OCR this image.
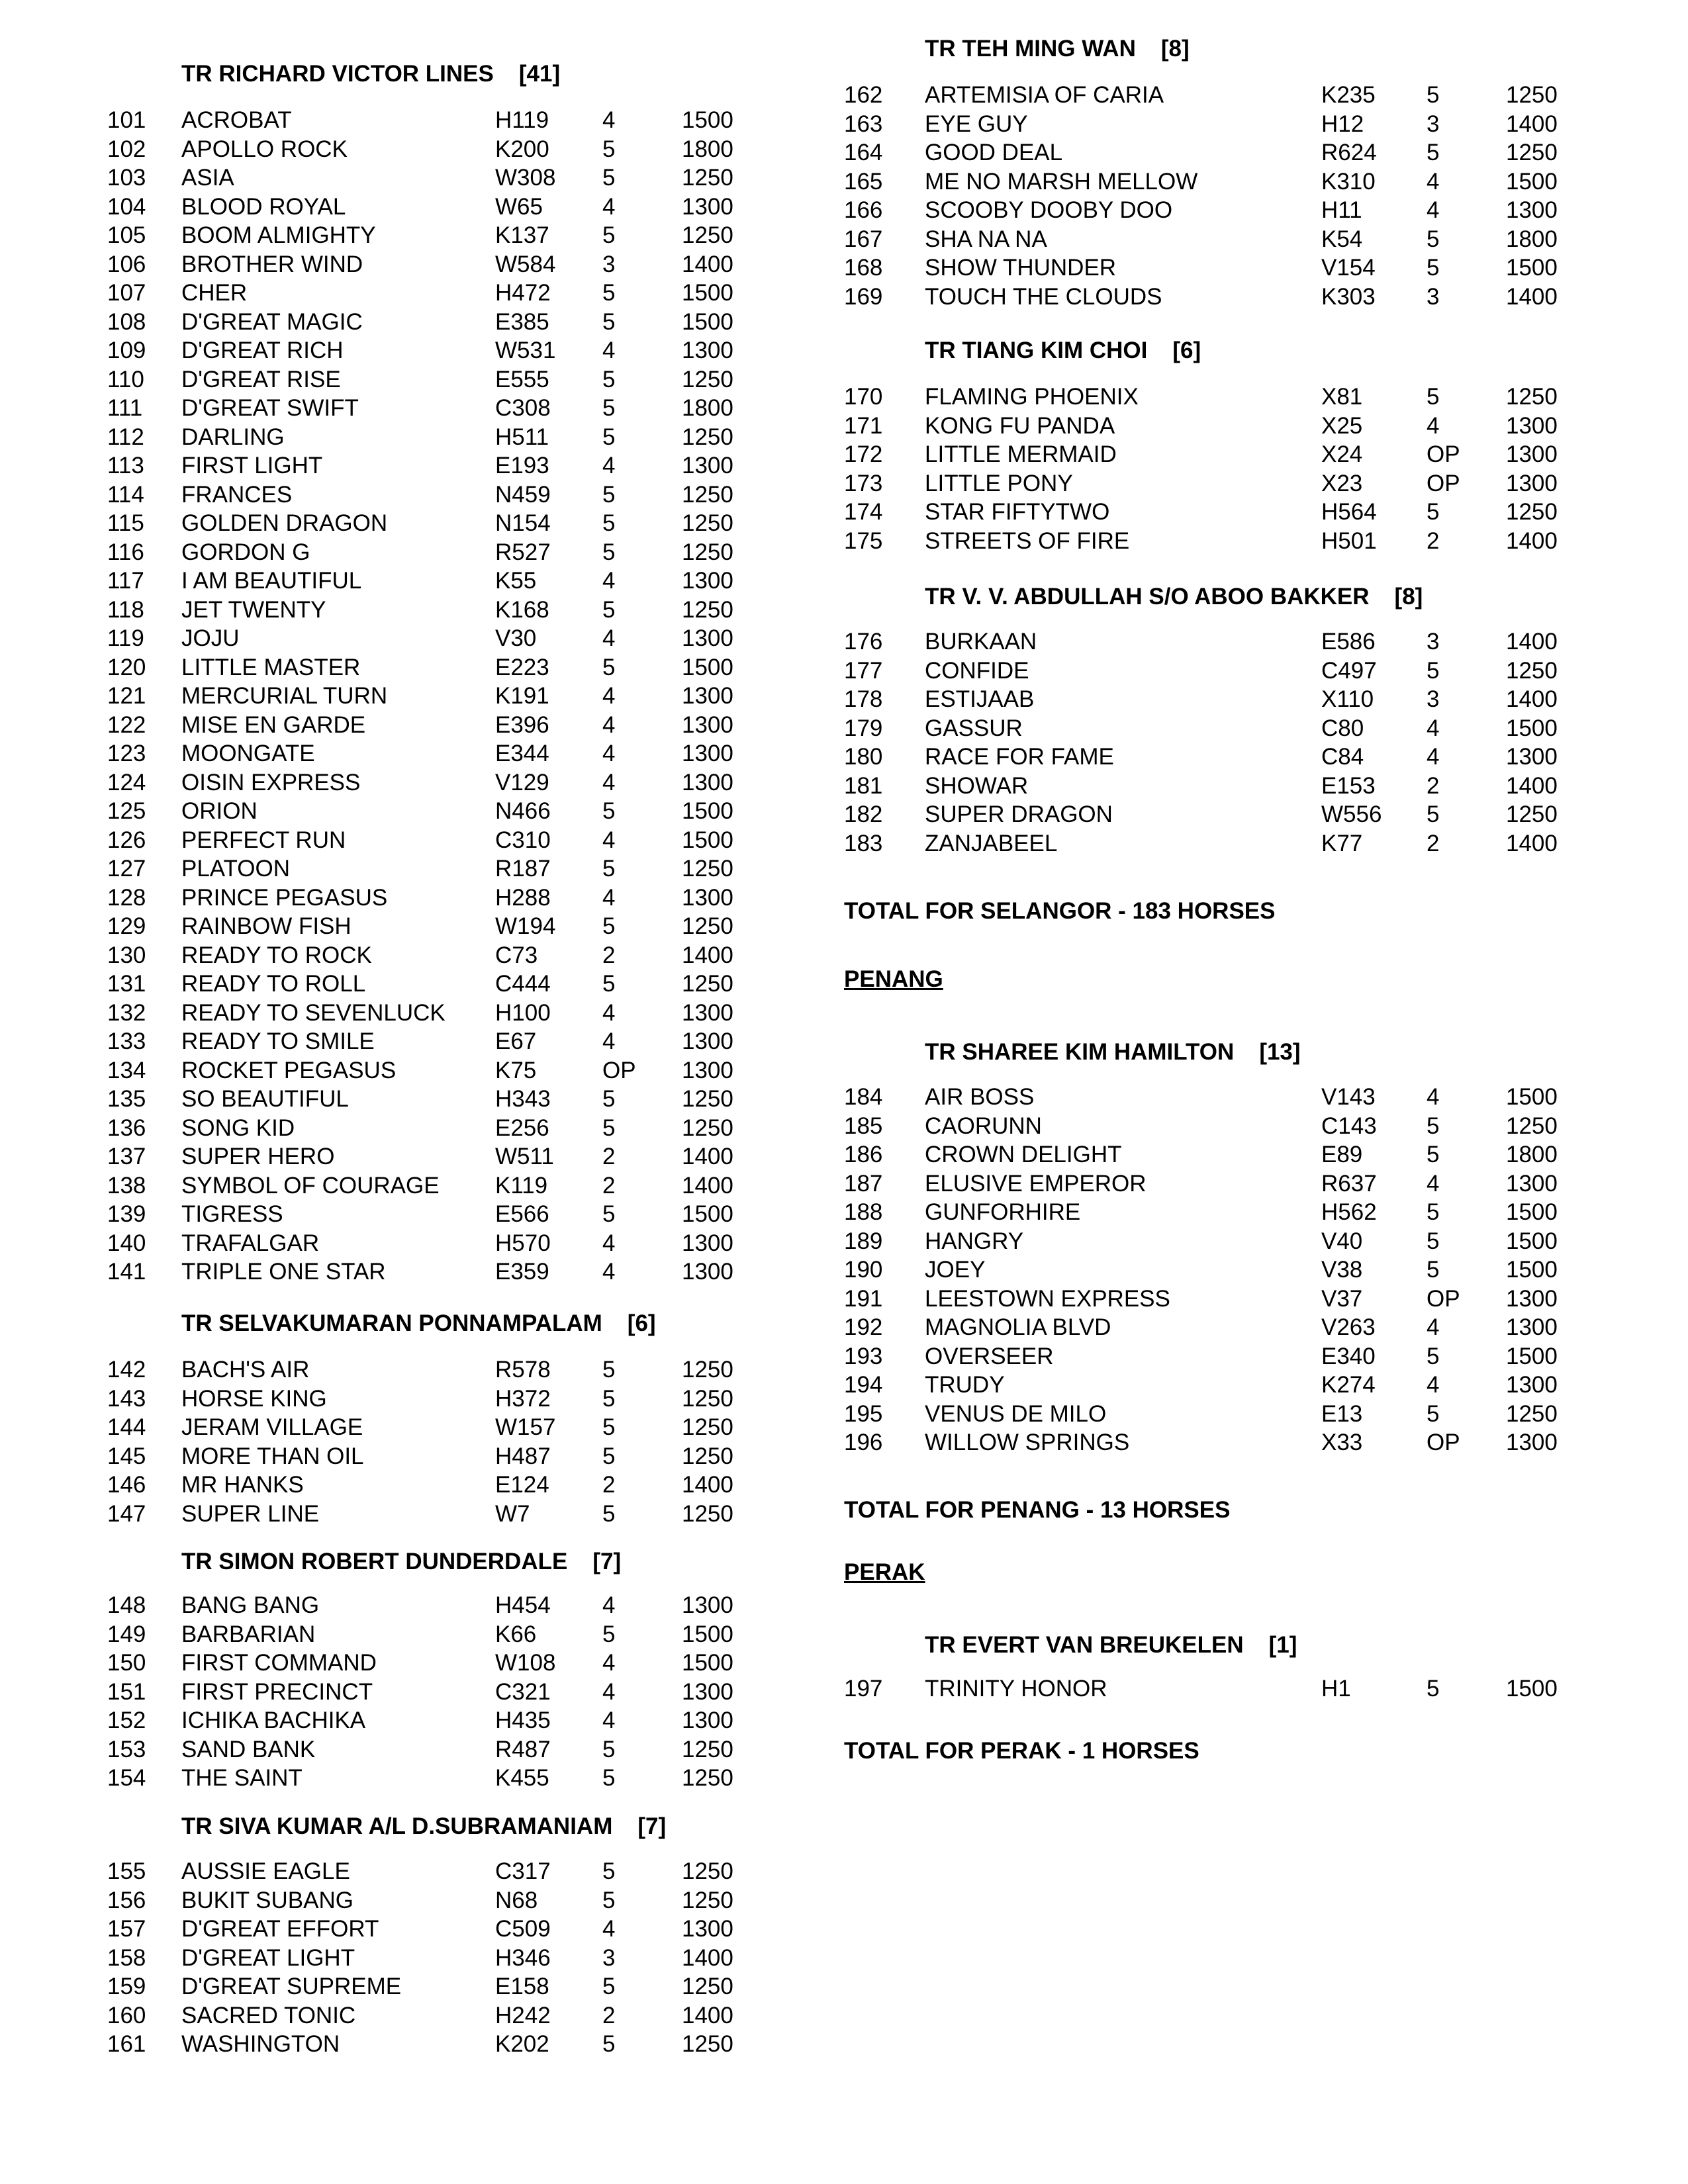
TR RICHARD VICTOR LINES [41]
101 ACROBAT	H119 4	1500
102 APOLLO ROCK	K200 5	1800
103 ASIA	W308 5	1250
104 BLOOD ROYAL	W65	4	1300
105 BOOM ALMIGHTY	K137 5	1250
106 BROTHER WIND	W584 3	1400
107 CHER	H472 5	1500
108 D'GREAT MAGIC	E385 5	1500
109 D'GREAT RICH	W531 4	1300
110 D'GREAT RISE	E555 5	1250
111 D'GREAT SWIFT	C308 5	1800
112 DARLING	H511 5	1250
113 FIRST LIGHT	E193 4	1300
114 FRANCES	N459 5	1250
115 GOLDEN DRAGON	N154 5	1250
116 GORDON G	R527 5	1250
117 I AM BEAUTIFUL	K55	4	1300
118 JET TWENTY	K168 5	1250
119 JOJU	V30	4	1300
120 LITTLE MASTER	E223 5	1500
121 MERCURIAL TURN	K191 4	1300
122 MISE EN GARDE	E396 4	1300
123 MOONGATE	E344 4	1300
124 OISIN EXPRESS	V129 4	1300
125 ORION	N466 5	1500
126 PERFECT RUN	C310 4	1500
127 PLATOON	R187 5	1250
128 PRINCE PEGASUS	H288 4	1300
129 RAINBOW FISH	W194 5	1250
130 READY TO ROCK	C73	2	1400
131 READY TO ROLL	C444 5	1250
132 READY TO SEVENLUCK H100 4	1300
133 READY TO SMILE	E67	4	1300
134 ROCKET PEGASUS	K75	OP 1300
135 SO BEAUTIFUL	H343 5	1250
136 SONG KID	E256 5	1250
137 SUPER HERO	W511 2	1400
138 SYMBOL OF COURAGE K119 2	1400
139 TIGRESS	E566 5	1500
140 TRAFALGAR	H570 4	1300
141 TRIPLE ONE STAR	E359 4	1300
TR SELVAKUMARAN PONNAMPALAM [6]
142 BACH'S AIR	R578 5	1250
143 HORSE KING	H372 5	1250
144 JERAM VILLAGE	W157 5	1250
145 MORE THAN OIL	H487 5	1250
146 MR HANKS	E124 2	1400
147 SUPER LINE	W7	5	1250
TR SIMON ROBERT DUNDERDALE [7]
148 BANG BANG	H454 4	1300
149 BARBARIAN	K66	5	1500
150 FIRST COMMAND	W108 4	1500
151 FIRST PRECINCT	C321 4	1300
152 ICHIKA BACHIKA	H435 4	1300
153 SAND BANK	R487 5	1250
154 THE SAINT	K455 5	1250
TR SIVA KUMAR A/L D.SUBRAMANIAM [7]
155 AUSSIE EAGLE	C317 5	1250
156 BUKIT SUBANG	N68	5	1250
157 D'GREAT EFFORT	C509 4	1300
158 D'GREAT LIGHT	H346 3	1400
159 D'GREAT SUPREME	E158 5	1250
160 SACRED TONIC	H242 2	1400
161 WASHINGTON	K202 5	1250
TR TEH MING WAN [8]
162 ARTEMISIA OF CARIA	K235 5	1250
163 EYE GUY	H12	3	1400
164 GOOD DEAL	R624 5	1250
165 ME NO MARSH MELLOW	K310 4	1500
166 SCOOBY DOOBY DOO	H11	4	1300
167 SHA NA NA	K54	5	1800
168 SHOW THUNDER	V154 5	1500
169 TOUCH THE CLOUDS	K303 3	1400
TR TIANG KIM CHOI [6]
170 FLAMING PHOENIX	X81	5	1250
171 KONG FU PANDA	X25	4	1300
172 LITTLE MERMAID	X24	OP 1300
173 LITTLE PONY	X23	OP 1300
174 STAR FIFTYTWO	H564 5	1250
175 STREETS OF FIRE	H501 2	1400
TR V. V. ABDULLAH S/O ABOO BAKKER [8]
176 BURKAAN	E586 3	1400
177 CONFIDE	C497 5	1250
178 ESTIJAAB	X110 3	1400
179 GASSUR	C80	4	1500
180 RACE FOR FAME	C84	4	1300
181 SHOWAR	E153 2	1400
182 SUPER DRAGON	W556 5	1250
183 ZANJABEEL	K77	2	1400
TR SHAREE KIM HAMILTON [13]
184 AIR BOSS	V143 4	1500
185 CAORUNN	C143 5	1250
186 CROWN DELIGHT	E89	5	1800
187 ELUSIVE EMPEROR	R637 4	1300
188 GUNFORHIRE	H562 5	1500
189 HANGRY	V40	5	1500
190 JOEY	V38	5	1500
191 LEESTOWN EXPRESS	V37	OP 1300
192 MAGNOLIA BLVD	V263 4	1300
193 OVERSEER	E340 5	1500
194 TRUDY	K274 4	1300
195 VENUS DE MILO	E13	5	1250
196 WILLOW SPRINGS	X33	OP 1300
TR EVERT VAN BREUKELEN [1]
197 TRINITY HONOR	H1	5	1500
TOTAL FOR SELANGOR - 183 HORSES
PENANG
TOTAL FOR PENANG - 13 HORSES
PERAK
TOTAL FOR PERAK - 1 HORSES
